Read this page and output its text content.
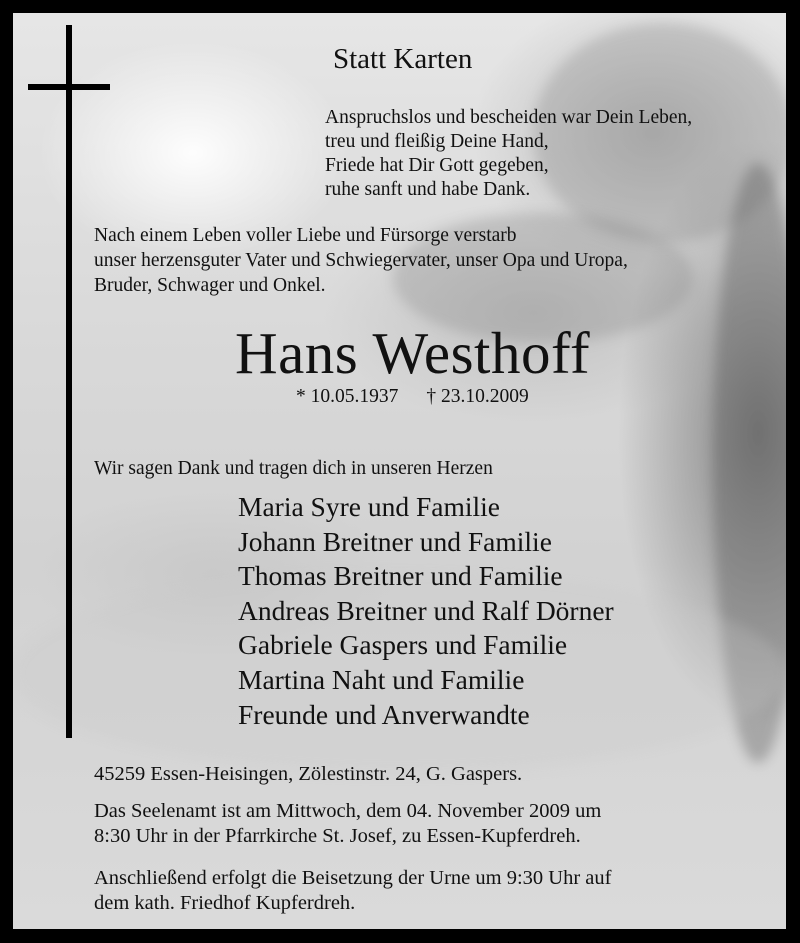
Statt Karten
Anspruchslos und bescheiden war Dein Leben,
treu und fleißig Deine Hand,
Friede hat Dir Gott gegeben,
ruhe sanft und habe Dank.
Nach einem Leben voller Liebe und Fürsorge verstarb
unser herzensguter Vater und Schwiegervater, unser Opa und Uropa,
Bruder, Schwager und Onkel.
Hans Westhoff
* 10.05.1937 † 23.10.2009
Wir sagen Dank und tragen dich in unseren Herzen
Maria Syre und Familie
Johann Breitner und Familie
Thomas Breitner und Familie
Andreas Breitner und Ralf Dörner
Gabriele Gaspers und Familie
Martina Naht und Familie
Freunde und Anverwandte
45259 Essen-Heisingen, Zölestinstr. 24, G. Gaspers.
Das Seelenamt ist am Mittwoch, dem 04. November 2009 um
8:30 Uhr in der Pfarrkirche St. Josef, zu Essen-Kupferdreh.
Anschließend erfolgt die Beisetzung der Urne um 9:30 Uhr auf
dem kath. Friedhof Kupferdreh.
